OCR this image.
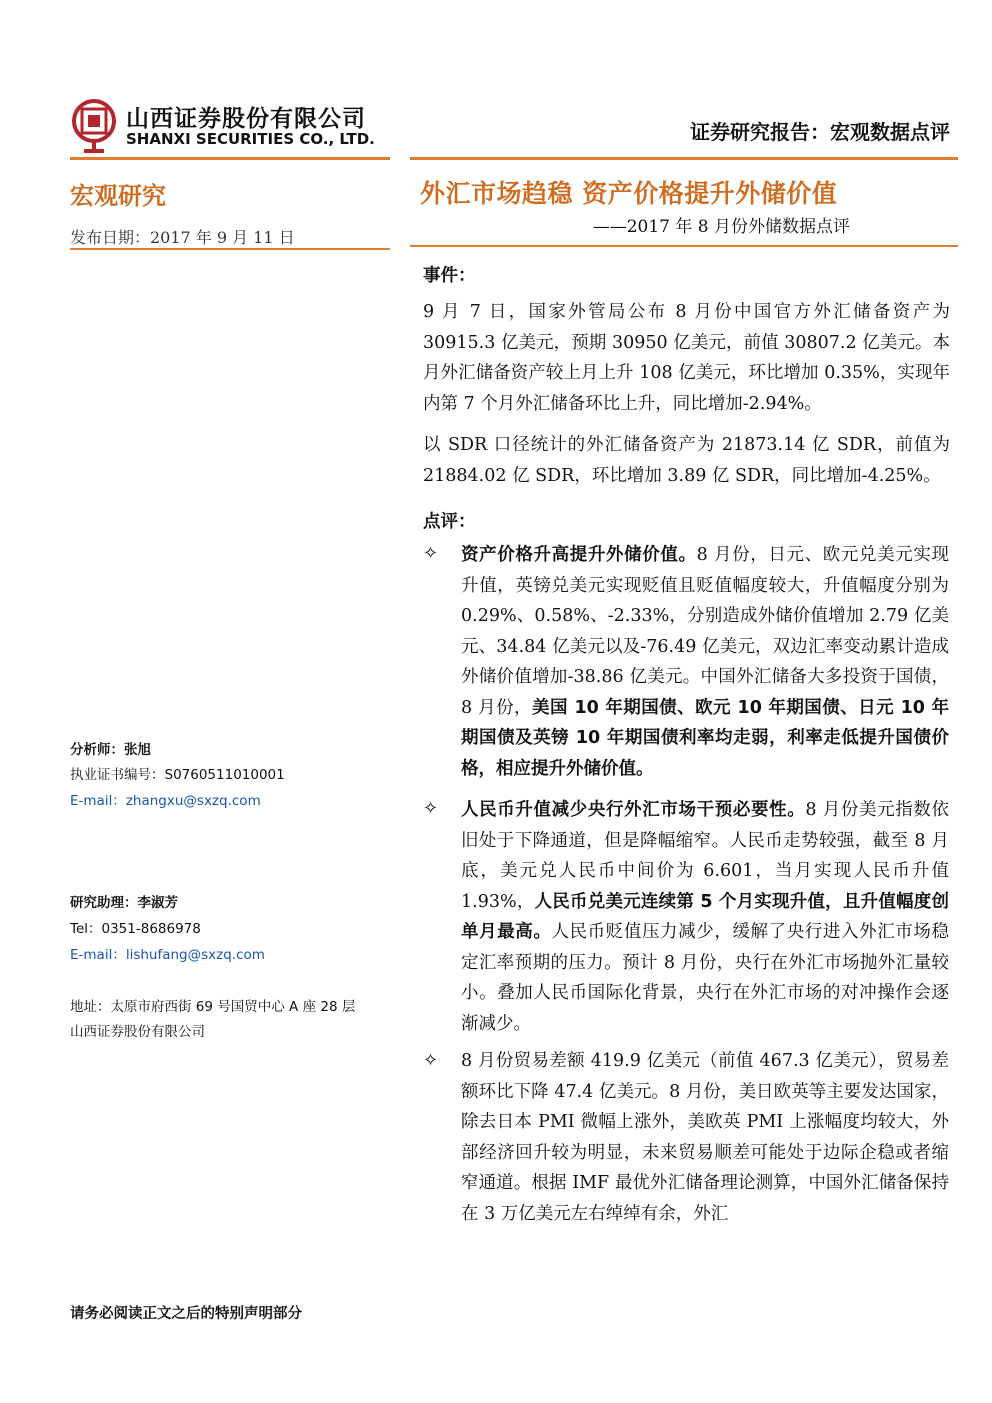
山西证券股份有限公司
SHANXI SECURITIES CO., LTD.	证券研究报告：宏观数据点评
宏观研究	外汇市场趋稳 资产价格提升外储价值
——2017 年 8 月份外储数据点评
发布日期：2017 年 9 月 11 日
分析师：张旭
执业证书编号：S0760511010001
E-mail：zhangxu@sxzq.com
研究助理：李淑芳
Tel：0351-8686978
E-mail：lishufang@sxzq.com
地址：太原市府西街 69 号国贸中心 A 座 28 层
山西证券股份有限公司
事件：
9 月 7 日，国家外管局公布 8 月份中国官方外汇储备资产为 30915.3 亿美元，预期 30950 亿美元，前值 30807.2 亿美元。本月外汇储备资产较上月上升 108 亿美元，环比增加 0.35%，实现年内第 7 个月外汇储备环比上升，同比增加-2.94%。
以 SDR 口径统计的外汇储备资产为 21873.14 亿 SDR，前值为 21884.02 亿 SDR，环比增加 3.89 亿 SDR，同比增加-4.25%。
点评：
✧ 资产价格升高提升外储价值。8 月份，日元、欧元兑美元实现升值，英镑兑美元实现贬值且贬值幅度较大，升值幅度分别为 0.29%、0.58%、-2.33%，分别造成外储价值增加 2.79 亿美元、34.84 亿美元以及-76.49 亿美元，双边汇率变动累计造成外储价值增加-38.86 亿美元。中国外汇储备大多投资于国债，8 月份，美国 10 年期国债、欧元 10 年期国债、日元 10 年期国债及英镑 10 年期国债利率均走弱，利率走低提升国债价格，相应提升外储价值。
✧ 人民币升值减少央行外汇市场干预必要性。8 月份美元指数依旧处于下降通道，但是降幅缩窄。人民币走势较强，截至 8 月底，美元兑人民币中间价为 6.601，当月实现人民币升值 1.93%，人民币兑美元连续第 5 个月实现升值，且升值幅度创单月最高。人民币贬值压力减少，缓解了央行进入外汇市场稳定汇率预期的压力。预计 8 月份，央行在外汇市场抛外汇量较小。叠加人民币国际化背景，央行在外汇市场的对冲操作会逐渐减少。
✧ 8 月份贸易差额 419.9 亿美元（前值 467.3 亿美元），贸易差额环比下降 47.4 亿美元。8 月份，美日欧英等主要发达国家，除去日本 PMI 微幅上涨外，美欧英 PMI 上涨幅度均较大，外部经济回升较为明显，未来贸易顺差可能处于边际企稳或者缩窄通道。根据 IMF 最优外汇储备理论测算，中国外汇储备保持在 3 万亿美元左右绰绰有余，外汇
请务必阅读正文之后的特别声明部分
